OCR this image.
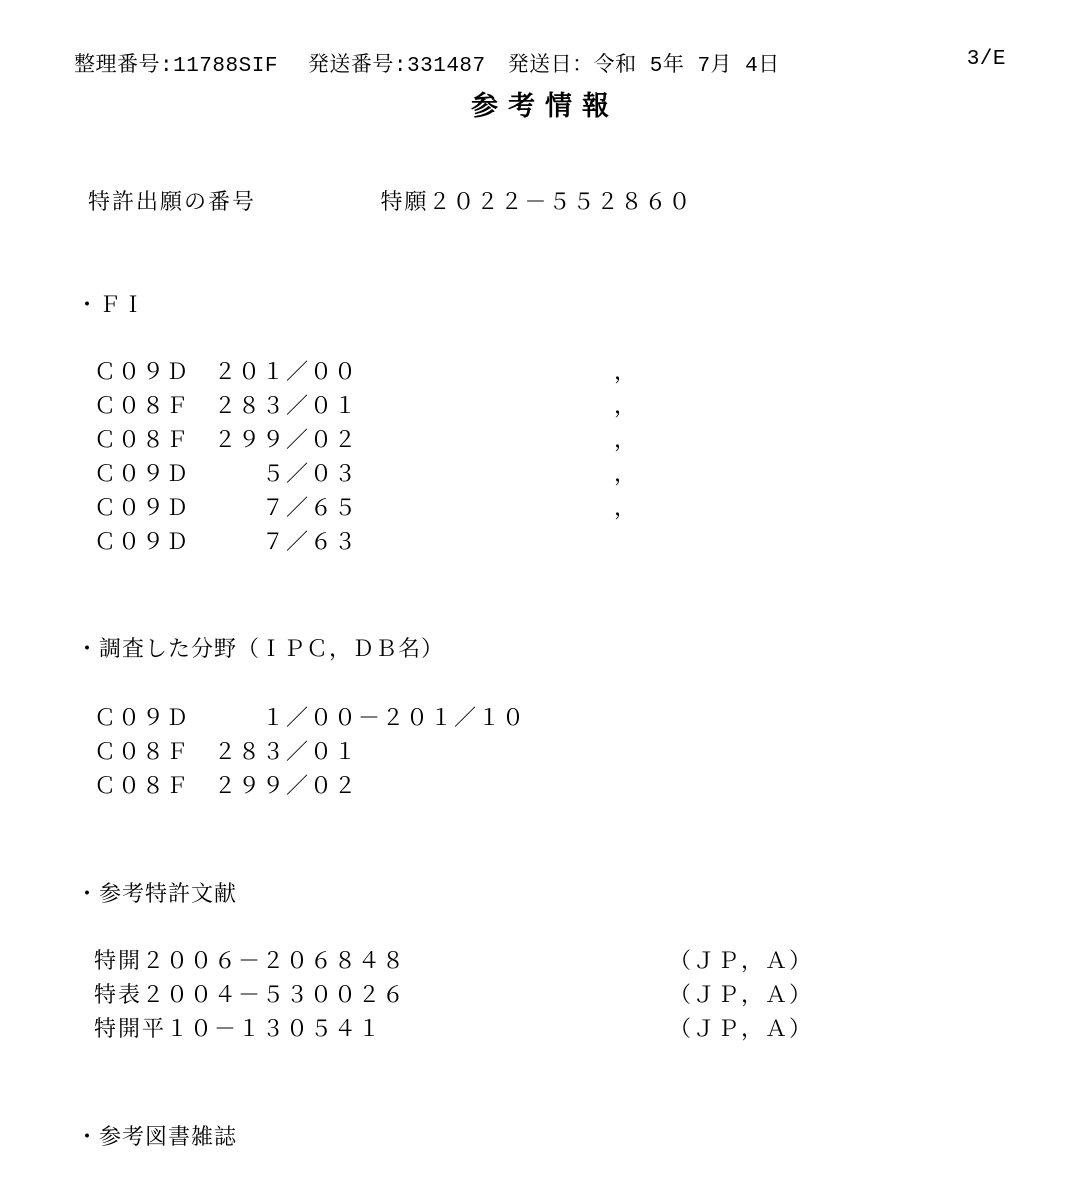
整理番号:11788SIF 発送番号:331487 発送日：令和 5年 7月 4日	3/E
参考情報
特許出願の番号	特願２０２２－５５２８６０
・ＦＩ
Ｃ０９Ｄ　２０１／００	，
Ｃ０８Ｆ　２８３／０１	，
Ｃ０８Ｆ　２９９／０２	，
Ｃ０９Ｄ　　　５／０３	，
Ｃ０９Ｄ　　　７／６５	，
Ｃ０９Ｄ　　　７／６３
・調査した分野（ＩＰＣ，ＤＢ名）
Ｃ０９Ｄ　　　１／００－２０１／１０
Ｃ０８Ｆ　２８３／０１
Ｃ０８Ｆ　２９９／０２
・参考特許文献
特開２００６－２０６８４８	（ＪＰ，Ａ）
特表２００４－５３００２６	（ＪＰ，Ａ）
特開平１０－１３０５４１	（ＪＰ，Ａ）
・参考図書雑誌
